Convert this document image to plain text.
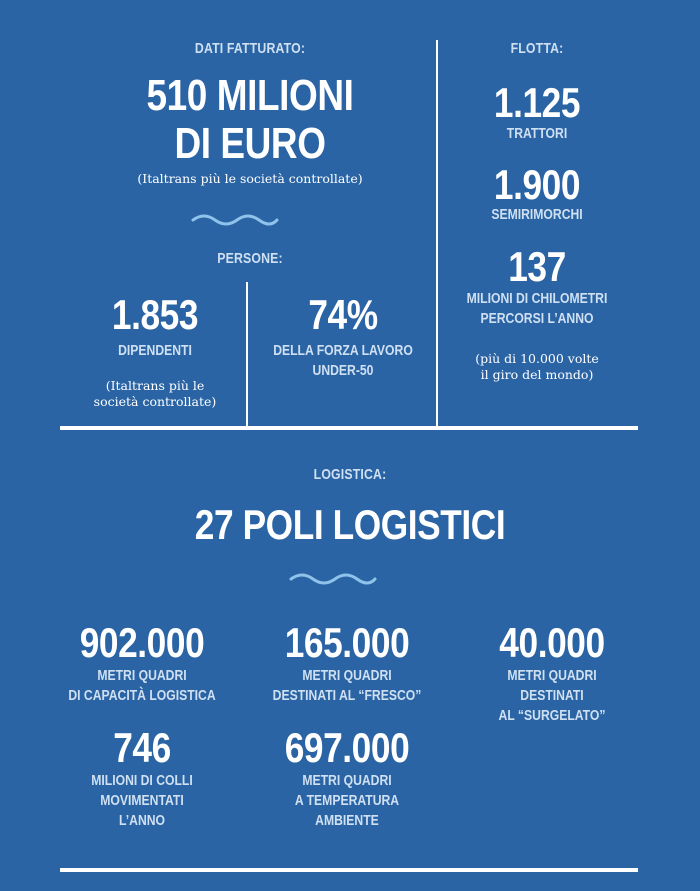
DATI FATTURATO:
510 MILIONI
DI EURO
(Italtrans più le società controllate)
PERSONE:
1.853
DIPENDENTI
(Italtrans più le
società controllate)
74%
DELLA FORZA LAVORO
UNDER-50
FLOTTA:
1.125
TRATTORI
1.900
SEMIRIMORCHI
137
MILIONI DI CHILOMETRI
PERCORSI L’ANNO
(più di 10.000 volte
il giro del mondo)
LOGISTICA:
27 POLI LOGISTICI
902.000
METRI QUADRI
DI CAPACITÀ LOGISTICA
165.000
METRI QUADRI
DESTINATI AL “FRESCO”
40.000
METRI QUADRI
DESTINATI
AL “SURGELATO”
746
MILIONI DI COLLI
MOVIMENTATI
L’ANNO
697.000
METRI QUADRI
A TEMPERATURA
AMBIENTE
